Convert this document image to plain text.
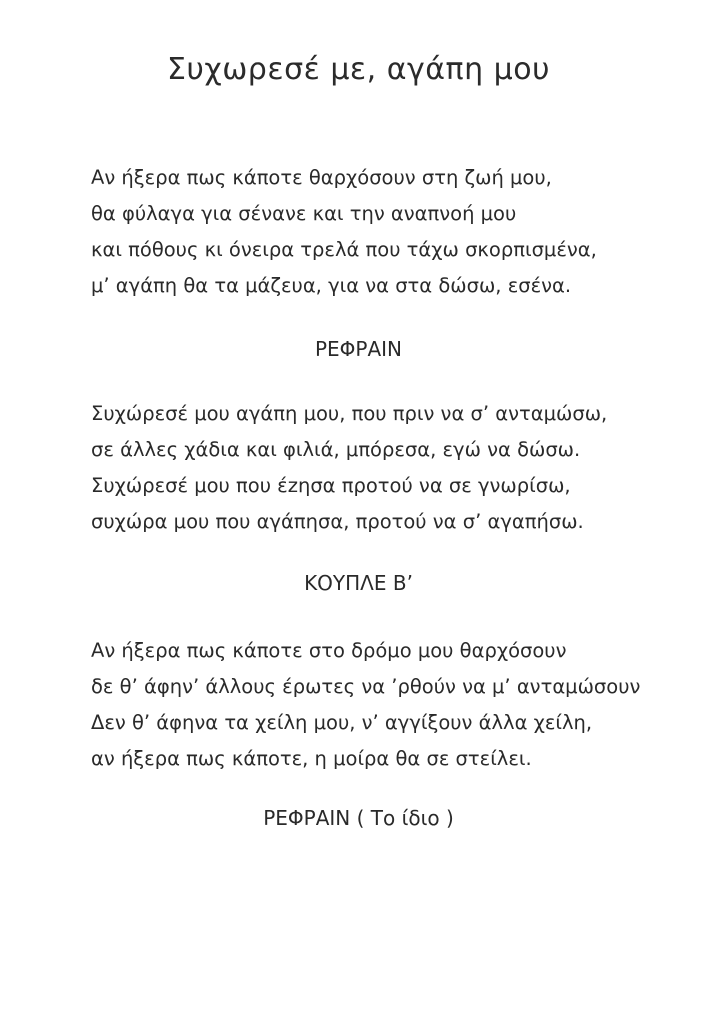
Συχωρεσέ με, αγάπη μου
Αν ήξερα πως κάποτε θαρχόσουν στη ζωή μου,
θα φύλαγα για σένανε και την αναπνοή μου
και πόθους κι όνειρα τρελά που τάχω σκορπισμένα,
μ’ αγάπη θα τα μάζευα, για να στα δώσω, εσένα.
ΡΕΦΡΑΙΝ
Συχώρεσέ μου αγάπη μου, που πριν να σ’ ανταμώσω,
σε άλλες χάδια και φιλιά, μπόρεσα, εγώ να δώσω.
Συχώρεσέ μου που έzησα προτού να σε γνωρίσω,
συχώρα μου που αγάπησα, προτού να σ’ αγαπήσω.
ΚΟΥΠΛΕ Β’
Αν ήξερα πως κάποτε στο δρόμο μου θαρχόσουν
δε θ’ άφην’ άλλους έρωτες να ’ρθούν να μ’ ανταμώσουν
Δεν θ’ άφηνα τα χείλη μου, ν’ αγγίξουν άλλα χείλη,
αν ήξερα πως κάποτε, η μοίρα θα σε στείλει.
ΡΕΦΡΑΙΝ ( Το ίδιο )
